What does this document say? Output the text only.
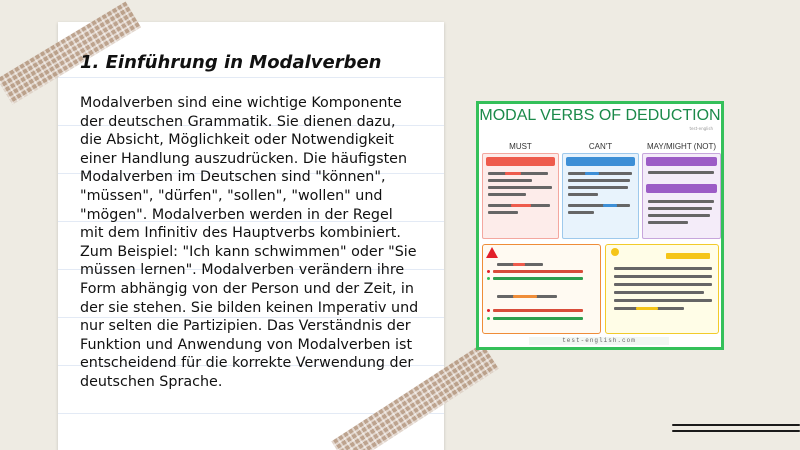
1. Einführung in Modalverben

Modalverben sind eine wichtige Komponente der deutschen Grammatik. Sie dienen dazu, die Absicht, Möglichkeit oder Notwendigkeit einer Handlung auszudrücken. Die häufigsten Modalverben im Deutschen sind "können", "müssen", "dürfen", "sollen", "wollen" und "mögen". Modalverben werden in der Regel mit dem Infinitiv des Hauptverbs kombiniert. Zum Beispiel: "Ich kann schwimmen" oder "Sie müssen lernen". Modalverben verändern ihre Form abhängig von der Person und der Zeit, in der sie stehen. Sie bilden keinen Imperativ und nur selten die Partizipien. Das Verständnis der Funktion und Anwendung von Modalverben ist entscheidend für die korrekte Verwendung der deutschen Sprache.

MODAL VERBS OF DEDUCTION
test-english
MUST	CAN'T	MAY/MIGHT (NOT)
test-english.com
